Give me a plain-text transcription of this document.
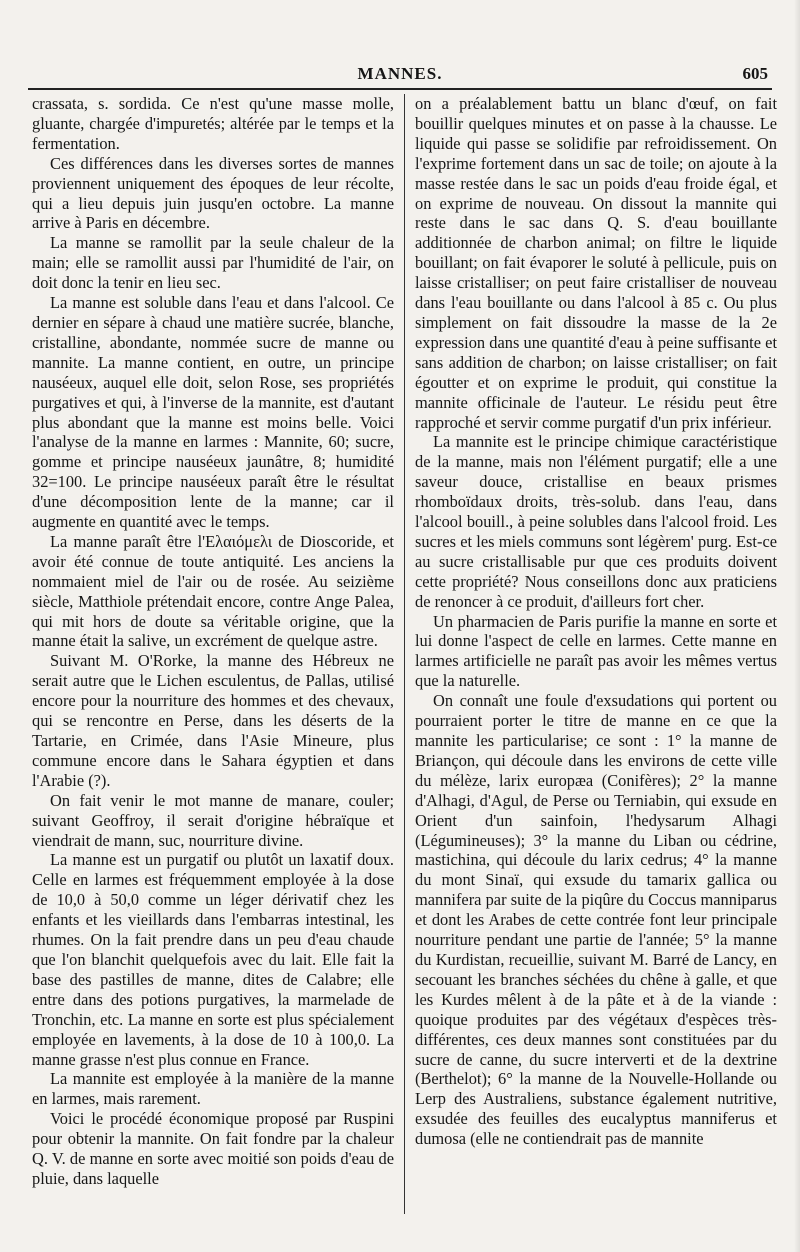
MANNES.	605

crassata, s. sordida. Ce n'est qu'une masse molle, gluante, chargée d'impuretés; altérée par le temps et la fermentation.

Ces différences dans les diverses sortes de mannes proviennent uniquement des époques de leur récolte, qui a lieu depuis juin jusqu'en octobre. La manne arrive à Paris en décembre.

La manne se ramollit par la seule chaleur de la main; elle se ramollit aussi par l'humidité de l'air, on doit donc la tenir en lieu sec.

La manne est soluble dans l'eau et dans l'alcool. Ce dernier en sépare à chaud une matière sucrée, blanche, cristalline, abondante, nommée sucre de manne ou mannite. La manne contient, en outre, un principe nauséeux, auquel elle doit, selon Rose, ses propriétés purgatives et qui, à l'inverse de la mannite, est d'autant plus abondant que la manne est moins belle. Voici l'analyse de la manne en larmes : Mannite, 60; sucre, gomme et principe nauséeux jaunâtre, 8; humidité 32=100. Le principe nauséeux paraît être le résultat d'une décomposition lente de la manne; car il augmente en quantité avec le temps.

La manne paraît être l'Ελαιόμελι de Dioscoride, et avoir été connue de toute antiquité. Les anciens la nommaient miel de l'air ou de rosée. Au seizième siècle, Matthiole prétendait encore, contre Ange Palea, qui mit hors de doute sa véritable origine, que la manne était la salive, un excrément de quelque astre.

Suivant M. O'Rorke, la manne des Hébreux ne serait autre que le Lichen esculentus, de Pallas, utilisé encore pour la nourriture des hommes et des chevaux, qui se rencontre en Perse, dans les déserts de la Tartarie, en Crimée, dans l'Asie Mineure, plus commune encore dans le Sahara égyptien et dans l'Arabie (?).

On fait venir le mot manne de manare, couler; suivant Geoffroy, il serait d'origine hébraïque et viendrait de mann, suc, nourriture divine.

La manne est un purgatif ou plutôt un laxatif doux. Celle en larmes est fréquemment employée à la dose de 10,0 à 50,0 comme un léger dérivatif chez les enfants et les vieillards dans l'embarras intestinal, les rhumes. On la fait prendre dans un peu d'eau chaude que l'on blanchit quelquefois avec du lait. Elle fait la base des pastilles de manne, dites de Calabre; elle entre dans des potions purgatives, la marmelade de Tronchin, etc. La manne en sorte est plus spécialement employée en lavements, à la dose de 10 à 100,0. La manne grasse n'est plus connue en France.

La mannite est employée à la manière de la manne en larmes, mais rarement.

Voici le procédé économique proposé par Ruspini pour obtenir la mannite. On fait fondre par la chaleur Q. V. de manne en sorte avec moitié son poids d'eau de pluie, dans laquelle

on a préalablement battu un blanc d'œuf, on fait bouillir quelques minutes et on passe à la chausse. Le liquide qui passe se solidifie par refroidissement. On l'exprime fortement dans un sac de toile; on ajoute à la masse restée dans le sac un poids d'eau froide égal, et on exprime de nouveau. On dissout la mannite qui reste dans le sac dans Q. S. d'eau bouillante additionnée de charbon animal; on filtre le liquide bouillant; on fait évaporer le soluté à pellicule, puis on laisse cristalliser; on peut faire cristalliser de nouveau dans l'eau bouillante ou dans l'alcool à 85 c. Ou plus simplement on fait dissoudre la masse de la 2e expression dans une quantité d'eau à peine suffisante et sans addition de charbon; on laisse cristalliser; on fait égoutter et on exprime le produit, qui constitue la mannite officinale de l'auteur. Le résidu peut être rapproché et servir comme purgatif d'un prix inférieur.

La mannite est le principe chimique caractéristique de la manne, mais non l'élément purgatif; elle a une saveur douce, cristallise en beaux prismes rhomboïdaux droits, très-solub. dans l'eau, dans l'alcool bouill., à peine solubles dans l'alcool froid. Les sucres et les miels communs sont légèrem' purg. Est-ce au sucre cristallisable pur que ces produits doivent cette propriété? Nous conseillons donc aux praticiens de renoncer à ce produit, d'ailleurs fort cher.

Un pharmacien de Paris purifie la manne en sorte et lui donne l'aspect de celle en larmes. Cette manne en larmes artificielle ne paraît pas avoir les mêmes vertus que la naturelle.

On connaît une foule d'exsudations qui portent ou pourraient porter le titre de manne en ce que la mannite les particularise; ce sont : 1° la manne de Briançon, qui découle dans les environs de cette ville du mélèze, larix europæa (Conifères); 2° la manne d'Alhagi, d'Agul, de Perse ou Terniabin, qui exsude en Orient d'un sainfoin, l'hedysarum Alhagi (Légumineuses); 3° la manne du Liban ou cédrine, mastichina, qui découle du larix cedrus; 4° la manne du mont Sinaï, qui exsude du tamarix gallica ou mannifera par suite de la piqûre du Coccus manniparus et dont les Arabes de cette contrée font leur principale nourriture pendant une partie de l'année; 5° la manne du Kurdistan, recueillie, suivant M. Barré de Lancy, en secouant les branches séchées du chêne à galle, et que les Kurdes mêlent à de la pâte et à de la viande : quoique produites par des végétaux d'espèces très-différentes, ces deux mannes sont constituées par du sucre de canne, du sucre interverti et de la dextrine (Berthelot); 6° la manne de la Nouvelle-Hollande ou Lerp des Australiens, substance également nutritive, exsudée des feuilles des eucalyptus manniferus et dumosa (elle ne contiendrait pas de mannite
